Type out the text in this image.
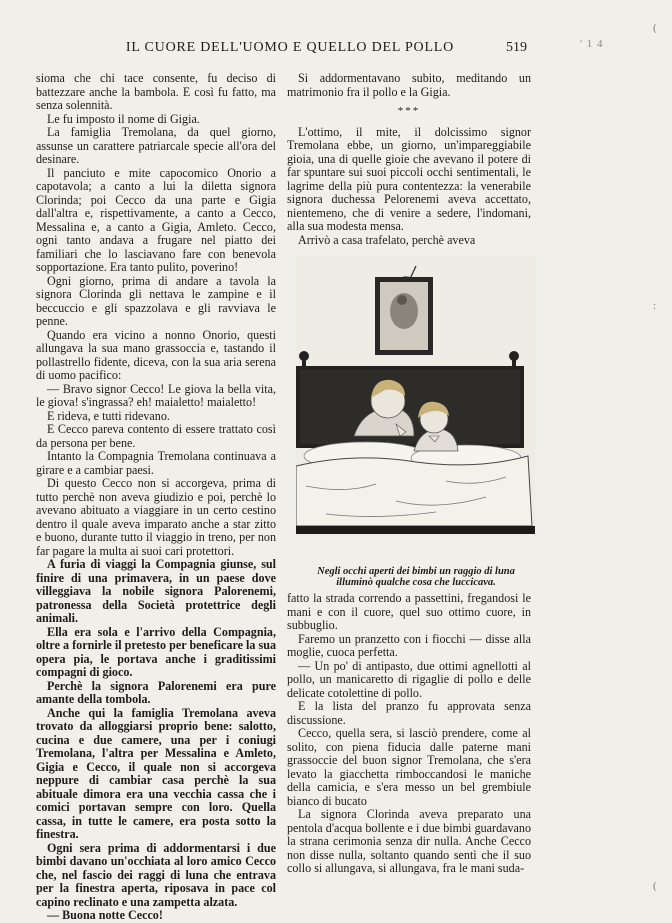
IL CUORE DELL'UOMO E QUELLO DEL POLLO	519	' 1 4
(
:
(

sioma che chi tace consente, fu deciso di battezzare anche la bambola. E così fu fatto, ma senza solennità.

Le fu imposto il nome di Gigia.

La famiglia Tremolana, da quel giorno, assunse un carattere patriarcale specie all'ora del desinare.

Il panciuto e mite capocomico Onorio a capotavola; a canto a lui la diletta signora Clorinda; poi Cecco da una parte e Gigia dall'altra e, rispettivamente, a canto a Cecco, Messalina e, a canto a Gigia, Amleto. Cecco, ogni tanto andava a frugare nel piatto dei familiari che lo lasciavano fare con benevola sopportazione. Era tanto pulito, poverino!

Ogni giorno, prima di andare a tavola la signora Clorinda gli nettava le zampine e il beccuccio e gli spazzolava e gli ravviava le penne.

Quando era vicino a nonno Onorio, questi allungava la sua mano grassoccia e, tastando il pollastrello fidente, diceva, con la sua aria serena di uomo pacifico:

— Bravo signor Cecco! Le giova la bella vita, le giova! s'ingrassa? eh! maialetto! maialetto!

E rideva, e tutti ridevano.

E Cecco pareva contento di essere trattato così da persona per bene.

Intanto la Compagnia Tremolana continuava a girare e a cambiar paesi.

Di questo Cecco non si accorgeva, prima di tutto perchè non aveva giudizio e poi, perchè lo avevano abituato a viaggiare in un certo cestino dentro il quale aveva imparato anche a star zitto e buono, durante tutto il viaggio in treno, per non far pagare la multa ai suoi cari protettori.

A furia di viaggi la Compagnia giunse, sul finire di una primavera, in un paese dove villeggiava la nobile signora Palorenemi, patronessa della Società protettrice degli animali.

Ella era sola e l'arrivo della Compagnia, oltre a fornirle il pretesto per beneficare la sua opera pia, le portava anche i graditissimi compagni di gioco.

Perchè la signora Palorenemi era pure amante della tombola.

Anche qui la famiglia Tremolana aveva trovato da alloggiarsi proprio bene: salotto, cucina e due camere, una per i coniugi Tremolana, l'altra per Messalina e Amleto, Gigia e Cecco, il quale non si accorgeva neppure di cambiar casa perchè la sua abituale dimora era una vecchia cassa che i comici portavan sempre con loro. Quella cassa, in tutte le camere, era posta sotto la finestra.

Ogni sera prima di addormentarsi i due bimbi davano un'occhiata al loro amico Cecco che, nel fascio dei raggi di luna che entrava per la finestra aperta, riposava in pace col capino reclinato e una zampetta alzata.

— Buona notte Cecco!

Si addormentavano subito, meditando un matrimonio fra il pollo e la Gigia.

***

L'ottimo, il mite, il dolcissimo signor Tremolana ebbe, un giorno, un'impareggiabile gioia, una di quelle gioie che avevano il potere di far spuntare sui suoi piccoli occhi sentimentali, le lagrime della più pura contentezza: la venerabile signora duchessa Pelorenemi aveva accettato, nientemeno, che di venire a sedere, l'indomani, alla sua modesta mensa.

Arrivò a casa trafelato, perchè aveva

Negli occhi aperti dei bimbi un raggio di luna
illuminò qualche cosa che luccicava.

fatto la strada correndo a passettini, fregandosi le mani e con il cuore, quel suo ottimo cuore, in subbuglio.

Faremo un pranzetto con i fiocchi — disse alla moglie, cuoca perfetta.

— Un po' di antipasto, due ottimi agnellotti al pollo, un manicaretto di rigaglie di pollo e delle delicate cotolettine di pollo.

E la lista del pranzo fu approvata senza discussione.

Cecco, quella sera, si lasciò prendere, come al solito, con piena fiducia dalle paterne mani grassoccie del buon signor Tremolana, che s'era levato la giacchetta rimboccandosi le maniche della camicia, e s'era messo un bel grembiule bianco di bucato

La signora Clorinda aveva preparato una pentola d'acqua bollente e i due bimbi guardavano la strana cerimonia senza dir nulla. Anche Cecco non disse nulla, soltanto quando sentì che il suo collo si allungava, si allungava, fra le mani suda-
